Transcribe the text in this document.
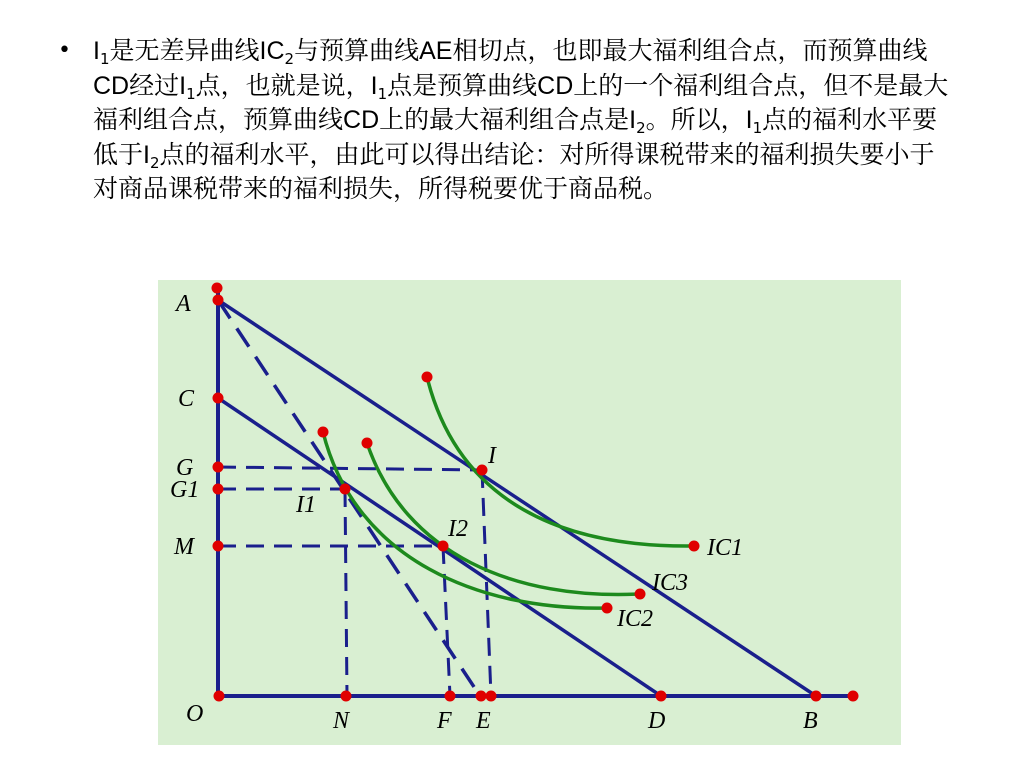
• $I_1$是无差异曲线$IC_2$与预算曲线AE相切点，也即最大福利组合点，而预算曲线CD经过$I_1$点，也就是说，$I_1$点是预算曲线CD上的一个福利组合点，但不是最大福利组合点，预算曲线CD上的最大福利组合点是$I_2$。所以，$I_1$点的福利水平要低于$I_2$点的福利水平，由此可以得出结论：对所得课税带来的福利损失要小于对商品课税带来的福利损失，所得税要优于商品税。
A
C
G
G1
M
O	N	F E	D	B
I
I1
I2
IC1
IC2
IC3
